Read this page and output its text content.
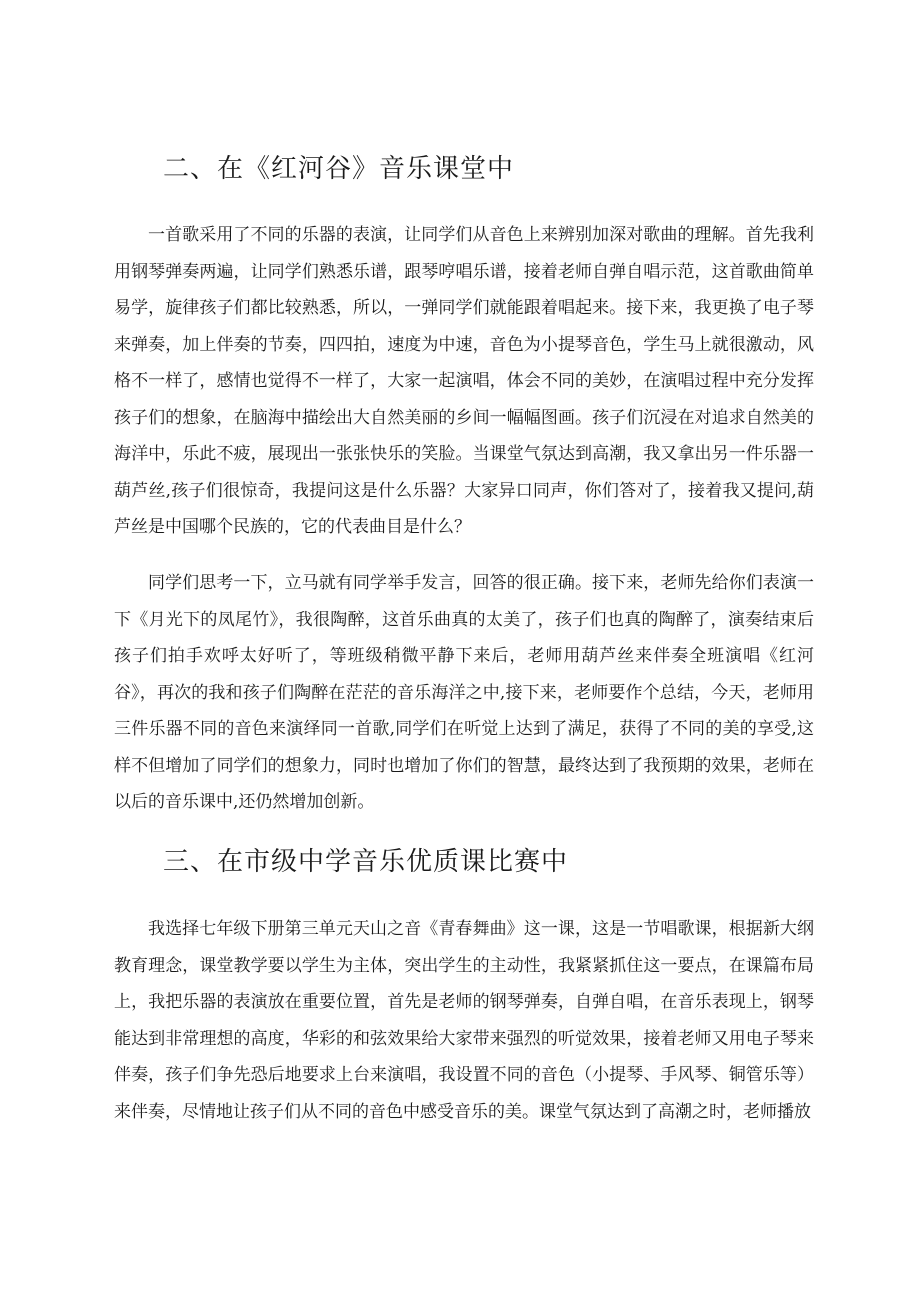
二、在《红河谷》音乐课堂中

一首歌采用了不同的乐器的表演，让同学们从音色上来辨别加深对歌曲的理解。首先我利用钢琴弹奏两遍，让同学们熟悉乐谱，跟琴哼唱乐谱，接着老师自弹自唱示范，这首歌曲简单易学，旋律孩子们都比较熟悉，所以，一弹同学们就能跟着唱起来。接下来，我更换了电子琴来弹奏，加上伴奏的节奏，四四拍，速度为中速，音色为小提琴音色，学生马上就很激动，风格不一样了，感情也觉得不一样了，大家一起演唱，体会不同的美妙，在演唱过程中充分发挥孩子们的想象，在脑海中描绘出大自然美丽的乡间一幅幅图画。孩子们沉浸在对追求自然美的海洋中，乐此不疲，展现出一张张快乐的笑脸。当课堂气氛达到高潮，我又拿出另一件乐器一葫芦丝,孩子们很惊奇，我提问这是什么乐器？大家异口同声，你们答对了，接着我又提问,葫芦丝是中国哪个民族的，它的代表曲目是什么？

同学们思考一下，立马就有同学举手发言，回答的很正确。接下来，老师先给你们表演一下《月光下的凤尾竹》，我很陶醉，这首乐曲真的太美了，孩子们也真的陶醉了，演奏结束后孩子们拍手欢呼太好听了，等班级稍微平静下来后，老师用葫芦丝来伴奏全班演唱《红河谷》，再次的我和孩子们陶醉在茫茫的音乐海洋之中,接下来，老师要作个总结，今天，老师用三件乐器不同的音色来演绎同一首歌,同学们在听觉上达到了满足，获得了不同的美的享受,这样不但增加了同学们的想象力，同时也增加了你们的智慧，最终达到了我预期的效果，老师在以后的音乐课中,还仍然增加创新。

三、在市级中学音乐优质课比赛中

我选择七年级下册第三单元天山之音《青春舞曲》这一课，这是一节唱歌课，根据新大纲教育理念，课堂教学要以学生为主体，突出学生的主动性，我紧紧抓住这一要点，在课篇布局上，我把乐器的表演放在重要位置，首先是老师的钢琴弹奏，自弹自唱，在音乐表现上，钢琴能达到非常理想的高度，华彩的和弦效果给大家带来强烈的听觉效果，接着老师又用电子琴来伴奏，孩子们争先恐后地要求上台来演唱，我设置不同的音色（小提琴、手风琴、铜管乐等）来伴奏，尽情地让孩子们从不同的音色中感受音乐的美。课堂气氛达到了高潮之时，老师播放
